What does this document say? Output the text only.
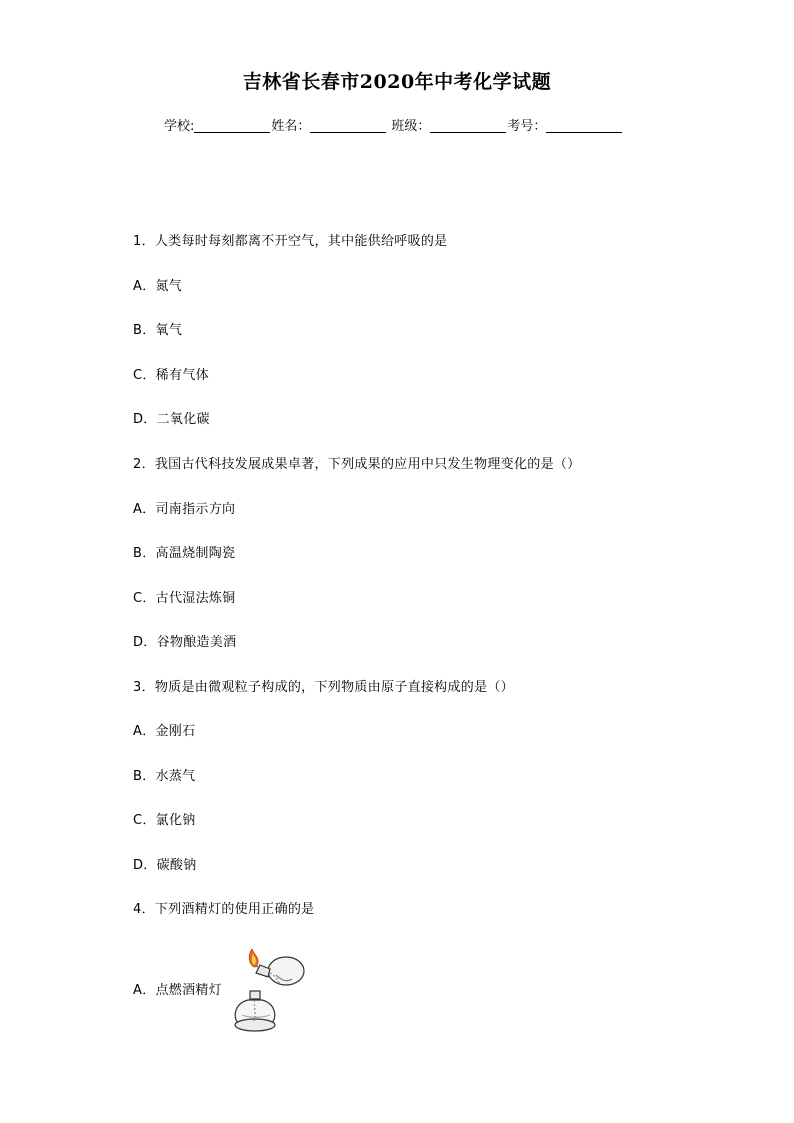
吉林省长春市2020年中考化学试题
学校:	姓名：	班级：	考号：
1．人类每时每刻都离不开空气，其中能供给呼吸的是
A．氮气
B．氧气
C．稀有气体
D．二氧化碳
2．我国古代科技发展成果卓著，下列成果的应用中只发生物理变化的是（）
A．司南指示方向
B．高温烧制陶瓷
C．古代湿法炼铜
D．谷物酿造美酒
3．物质是由微观粒子构成的，下列物质由原子直接构成的是（）
A．金刚石
B．水蒸气
C．氯化钠
D．碳酸钠
4．下列酒精灯的使用正确的是
A．点燃酒精灯
